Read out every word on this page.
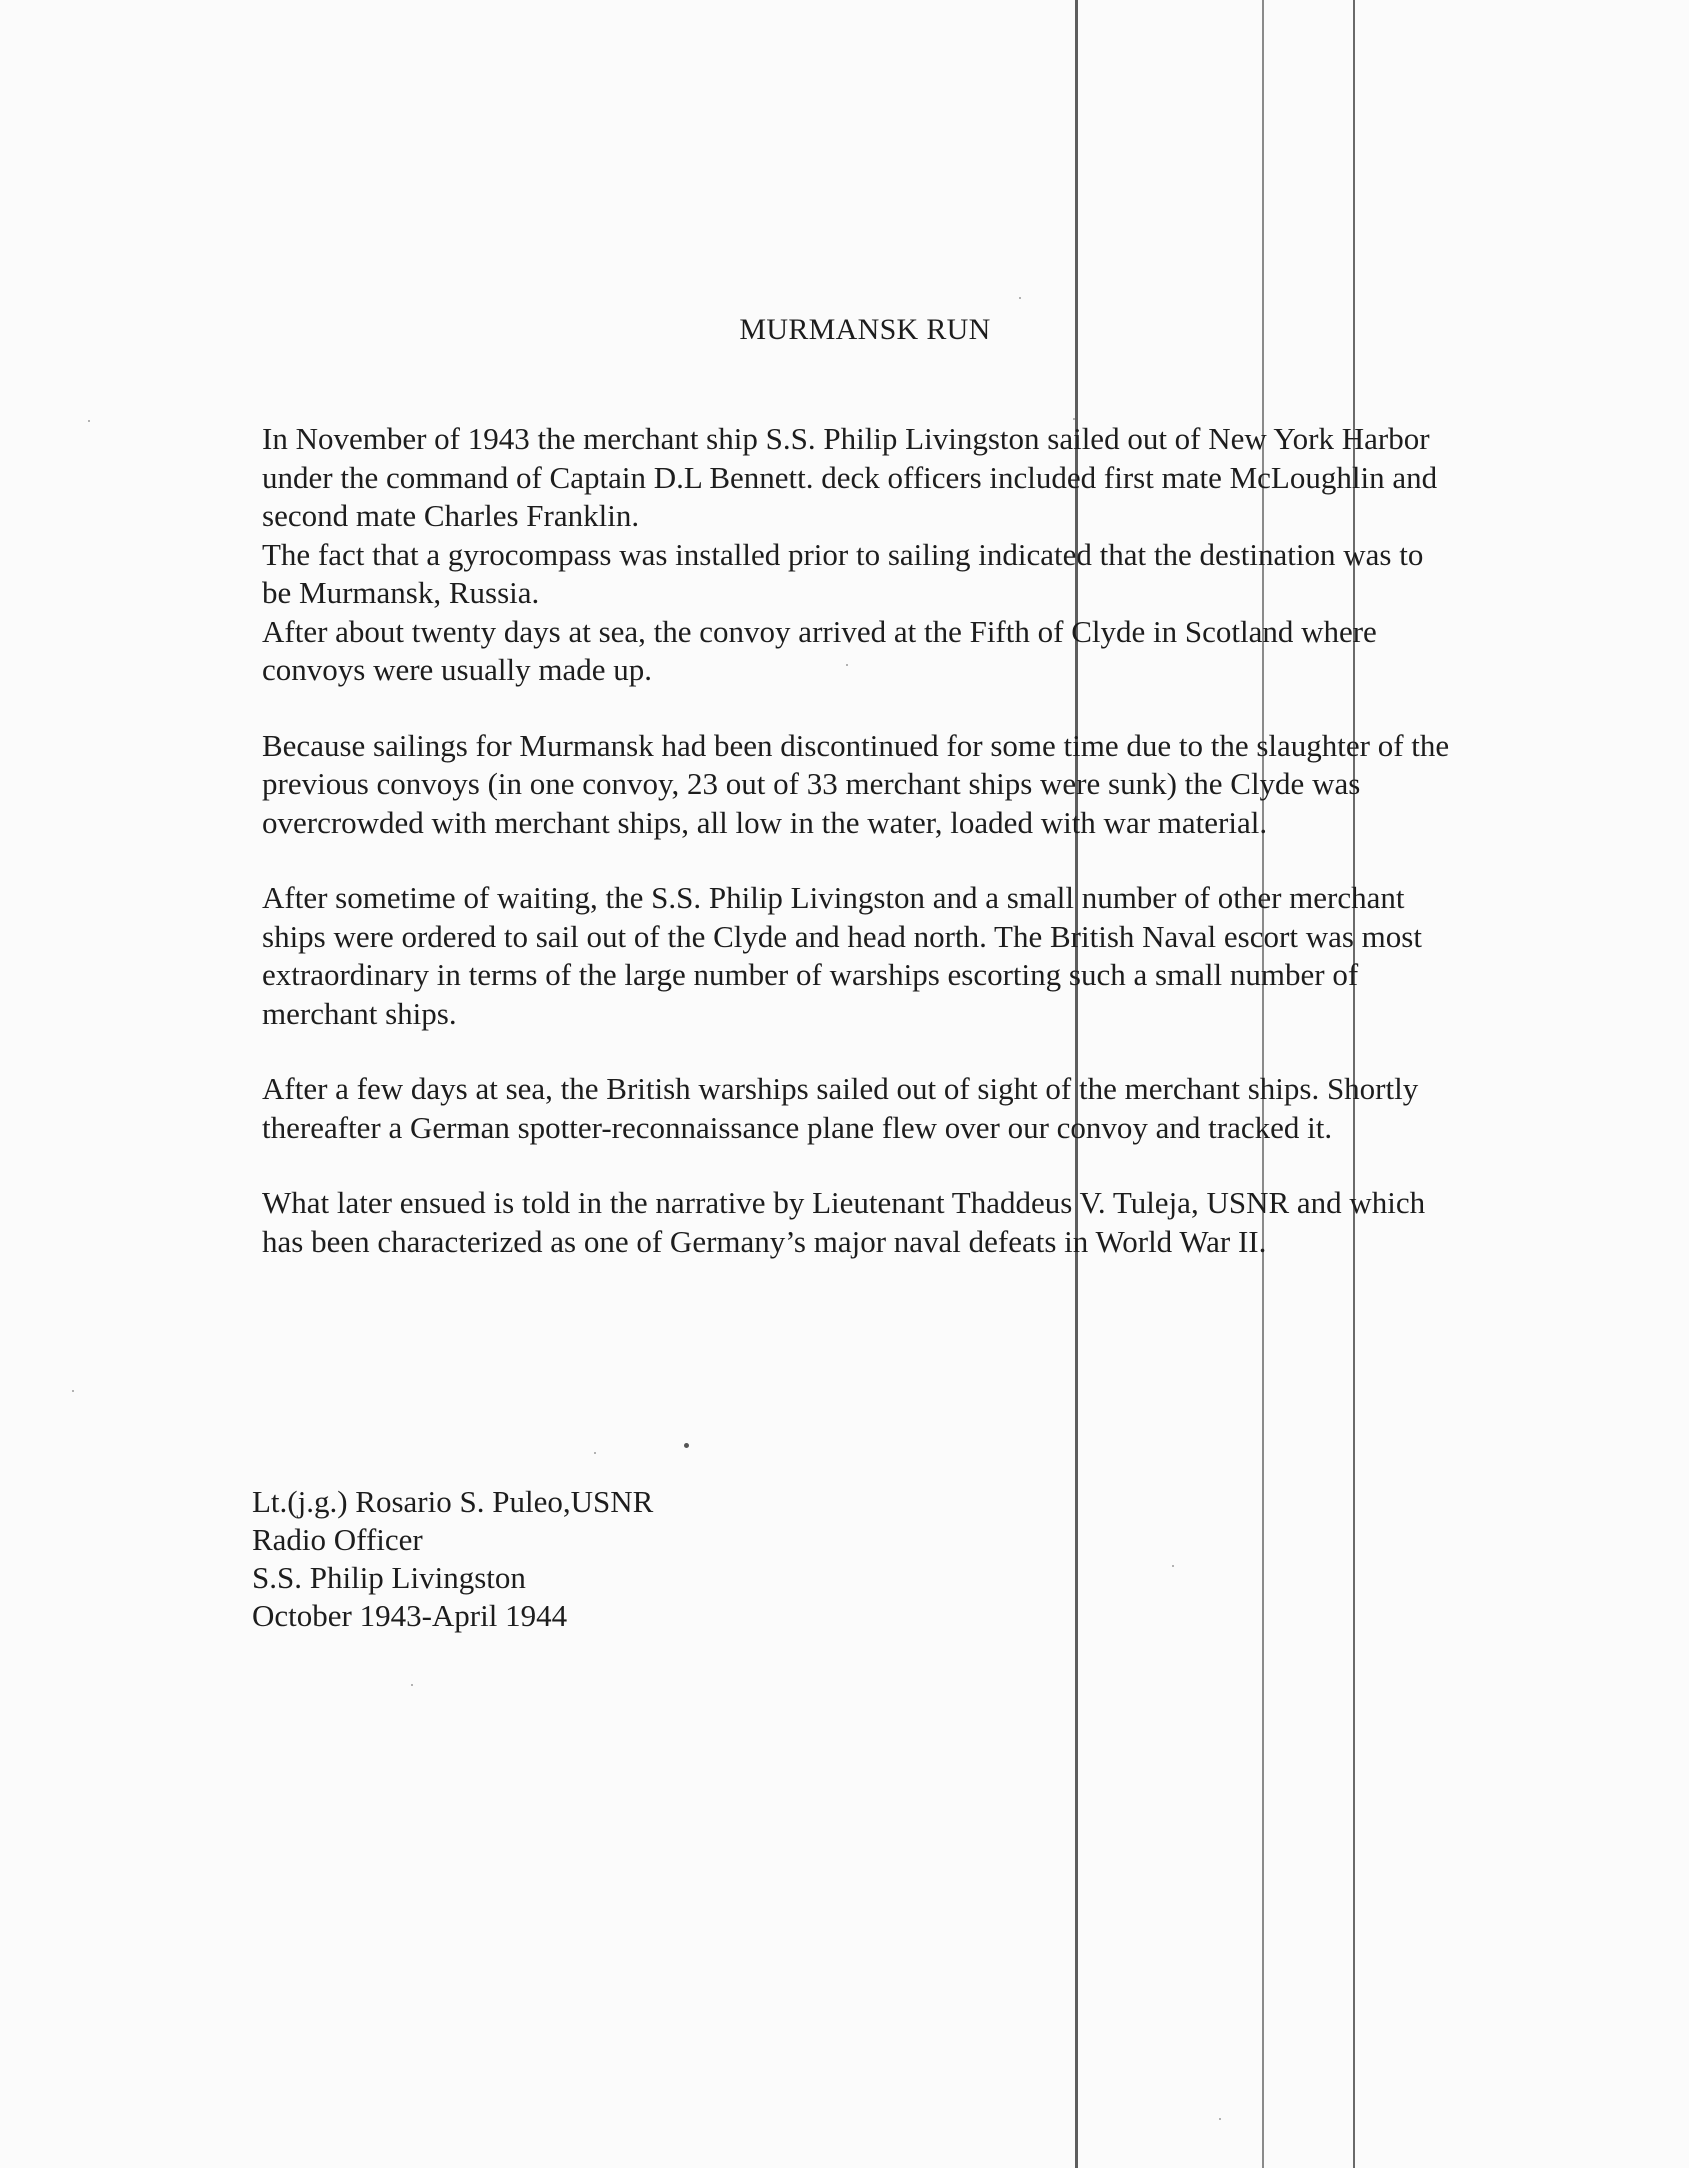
MURMANSK RUN

In November of 1943 the merchant ship S.S. Philip Livingston sailed out of New York Harbor under the command of Captain D.L Bennett. deck officers included first mate McLoughlin and second mate Charles Franklin.

The fact that a gyrocompass was installed prior to sailing indicated that the destination was to be Murmansk, Russia.

After about twenty days at sea, the convoy arrived at the Fifth of Clyde in Scotland where convoys were usually made up.

Because sailings for Murmansk had been discontinued for some time due to the slaughter of the previous convoys (in one convoy, 23 out of 33 merchant ships were sunk) the Clyde was overcrowded with merchant ships, all low in the water, loaded with war material.

After sometime of waiting, the S.S. Philip Livingston and a small number of other merchant ships were ordered to sail out of the Clyde and head north. The British Naval escort was most extraordinary in terms of the large number of warships escorting such a small number of merchant ships.

After a few days at sea, the British warships sailed out of sight of the merchant ships. Shortly thereafter a German spotter-reconnaissance plane flew over our convoy and tracked it.

What later ensued is told in the narrative by Lieutenant Thaddeus V. Tuleja, USNR and which has been characterized as one of Germany’s major naval defeats in World War II.

Lt.(j.g.) Rosario S. Puleo,USNR
Radio Officer
S.S. Philip Livingston
October 1943-April 1944
